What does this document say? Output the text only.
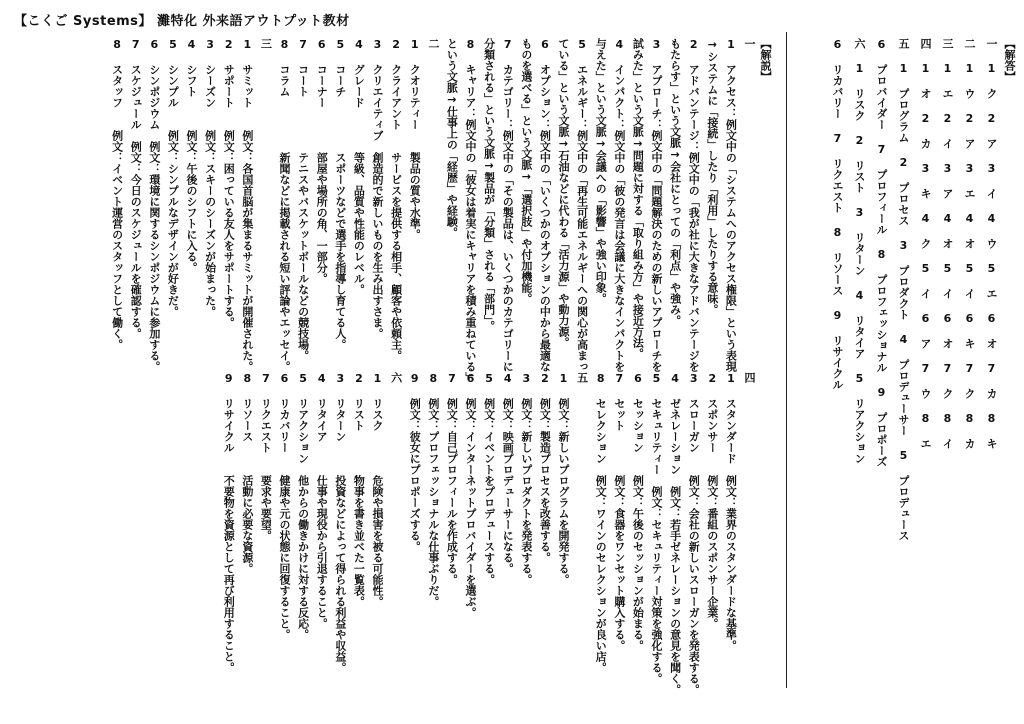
【こくご Systems】 灘特化 外来語アウトプット教材
【解答】
一 1 ク 2 ア 3 イ 4 ウ 5 エ 6 オ 7 カ 8 キ
二 1 ウ 2 ア 3 エ 4 オ 5 イ 6 キ 7 ク 8 カ
三 1 エ 2 イ 3 ア 4 オ 5 イ 6 オ 7 ク 8 イ
四 1 オ 2 カ 3 キ 4 ク 5 イ 6 ア 7 ウ 8 エ
五 1 プログラム 2 プロセス 3 プロダクト 4 プロデューサー 5 プロデュース
6 プロバイダー 7 プロフィール 8 プロフェッショナル 9 プロポーズ
六 1 リスク 2 リスト 3 リターン 4 リタイア 5 リアクション
6 リカバリー 7 リクエスト 8 リソース 9 リサイクル
【解説】
一
1 アクセス：例文中の「システムへのアクセス権限」という表現
→システムに「接続」したり「利用」したりする意味。
2 アドバンテージ：例文中の「我が社に大きなアドバンテージを
もたらす」という文脈→会社にとっての「利点」や強み。
3 アプローチ：例文中の「問題解決のための新しいアプローチを
試みた」という文脈→問題に対する「取り組み方」や接近方法。
4 インパクト：例文中の「彼の発言は会議に大きなインパクトを
与えた」という文脈→会議への「影響」や強い印象。
5 エネルギー：例文中の「再生可能エネルギーへの関心が高まっ
ている」という文脈→石油などに代わる「活力源」や動力源。
6 オプション：例文中の「いくつかのオプションの中から最適な
ものを選べる」という文脈→「選択肢」や付加機能。
7 カテゴリー：例文中の「その製品は、いくつかのカテゴリーに
分類される」という文脈→製品が「分類」される「部門」。
8 キャリア：例文中の「彼女は着実にキャリアを積み重ねている」
という文脈→仕事上の「経歴」や経験。
二
1 クオリティー　　製品の質や水準。
2 クライアント　　サービスを提供する相手、顧客や依頼主。
3 クリエイティブ　創造的で新しいものを生み出すさま。
4 グレード　　　　等級、品質や性能のレベル。
5 コーチ　　　　　スポーツなどで選手を指導し育てる人。
6 コーナー　　　　部屋や場所の角、一部分。
7 コート　　　　　テニスやバスケットボールなどの競技場。
8 コラム　　　　　新聞などに掲載される短い評論やエッセイ。
三
1 サミット　　例文：各国首脳が集まるサミットが開催された。
2 サポート　　例文：困っている友人をサポートする。
3 シーズン　　例文：スキーのシーズンが始まった。
4 シフト　　　例文：午後のシフトに入る。
5 シンプル　　例文：シンプルなデザインが好きだ。
6 シンポジウム　例文：環境に関するシンポジウムに参加する。
7 スケジュール　例文：今日のスケジュールを確認する。
8 スタッフ　　例文：イベント運営のスタッフとして働く。
四
1 スタンダード　例文：業界のスタンダードな基準。
2 スポンサー　　例文：番組のスポンサー企業。
3 スローガン　　例文：会社の新しいスローガンを発表する。
4 ゼネレーション　例文：若手ゼネレーションの意見を聞く。
5 セキュリティー　例文：セキュリティー対策を強化する。
6 セッション　　例文：午後のセッションが始まる。
7 セット　　　　例文：食器をワンセット購入する。
8 セレクション　例文：ワインのセレクションが良い店。
五
1 例文：新しいプログラムを開発する。
2 例文：製造プロセスを改善する。
3 例文：新しいプロダクトを発表する。
4 例文：映画プロデューサーになる。
5 例文：イベントをプロデュースする。
6 例文：インターネットプロバイダーを選ぶ。
7 例文：自己プロフィールを作成する。
8 例文：プロフェッショナルな仕事ぶりだ。
9 例文：彼女にプロポーズする。
六
1 リスク　　　　危険や損害を被る可能性。
2 リスト　　　　物事を書き並べた一覧表。
3 リターン　　　投資などによって得られる利益や収益。
4 リタイア　　　仕事や現役から引退すること。
5 リアクション　他からの働きかけに対する反応。
6 リカバリー　　健康や元の状態に回復すること。
7 リクエスト　　要求や要望。
8 リソース　　　活動に必要な資源。
9 リサイクル　　不要物を資源として再び利用すること。
